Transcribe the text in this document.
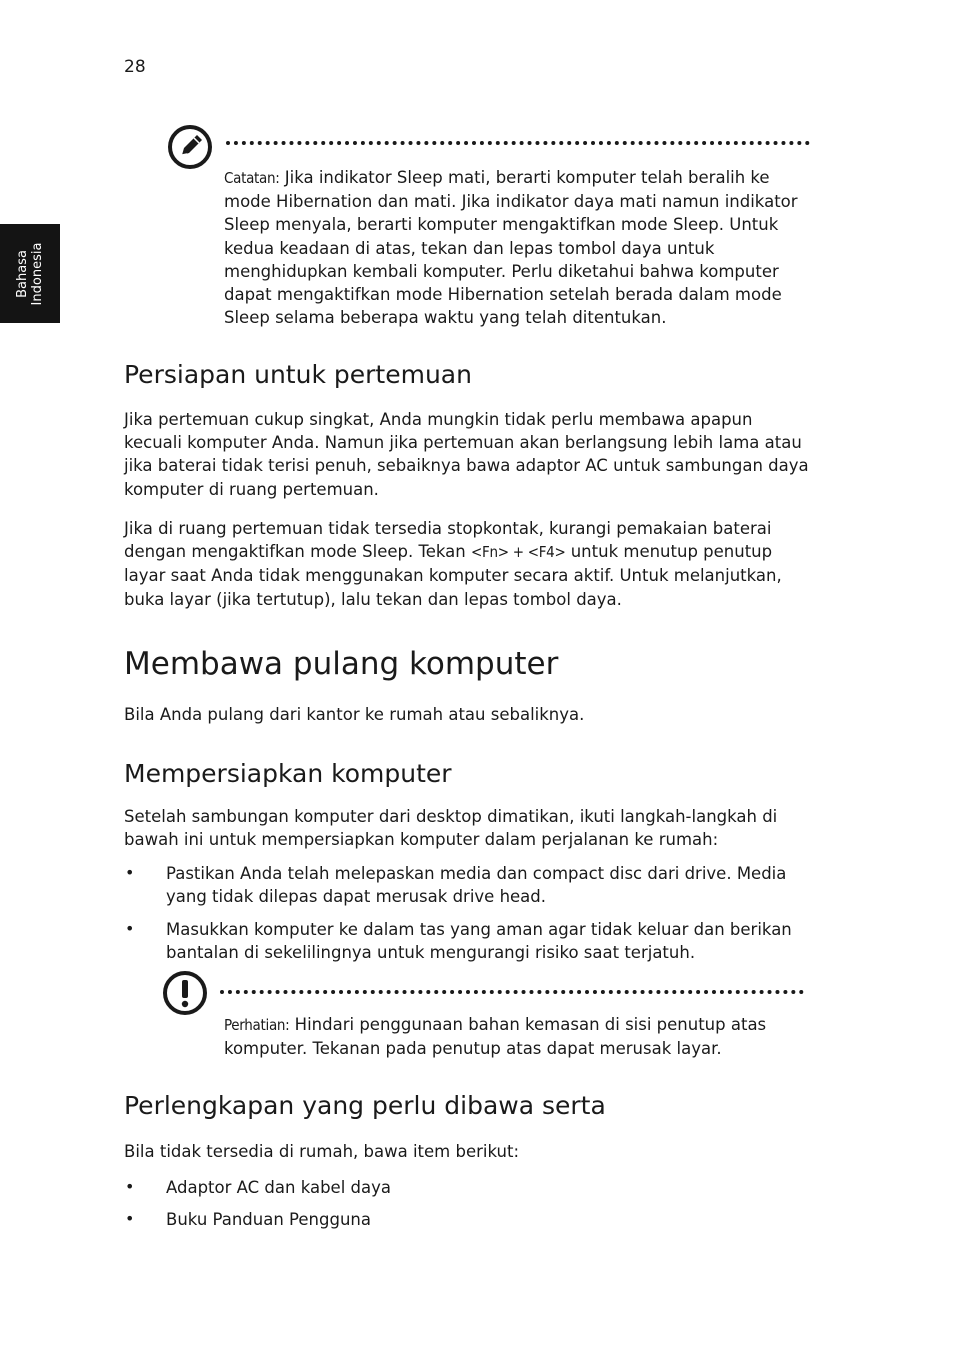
28
Bahasa Indonesia

Catatan: Jika indikator Sleep mati, berarti komputer telah beralih ke mode Hibernation dan mati. Jika indikator daya mati namun indikator Sleep menyala, berarti komputer mengaktifkan mode Sleep. Untuk kedua keadaan di atas, tekan dan lepas tombol daya untuk menghidupkan kembali komputer. Perlu diketahui bahwa komputer dapat mengaktifkan mode Hibernation setelah berada dalam mode Sleep selama beberapa waktu yang telah ditentukan.

Persiapan untuk pertemuan

Jika pertemuan cukup singkat, Anda mungkin tidak perlu membawa apapun kecuali komputer Anda. Namun jika pertemuan akan berlangsung lebih lama atau jika baterai tidak terisi penuh, sebaiknya bawa adaptor AC untuk sambungan daya komputer di ruang pertemuan.

Jika di ruang pertemuan tidak tersedia stopkontak, kurangi pemakaian baterai dengan mengaktifkan mode Sleep. Tekan <Fn> + <F4> untuk menutup penutup layar saat Anda tidak menggunakan komputer secara aktif. Untuk melanjutkan, buka layar (jika tertutup), lalu tekan dan lepas tombol daya.

Membawa pulang komputer

Bila Anda pulang dari kantor ke rumah atau sebaliknya.

Mempersiapkan komputer

Setelah sambungan komputer dari desktop dimatikan, ikuti langkah-langkah di bawah ini untuk mempersiapkan komputer dalam perjalanan ke rumah:

• Pastikan Anda telah melepaskan media dan compact disc dari drive. Media yang tidak dilepas dapat merusak drive head.

• Masukkan komputer ke dalam tas yang aman agar tidak keluar dan berikan bantalan di sekelilingnya untuk mengurangi risiko saat terjatuh.

Perhatian: Hindari penggunaan bahan kemasan di sisi penutup atas komputer. Tekanan pada penutup atas dapat merusak layar.

Perlengkapan yang perlu dibawa serta

Bila tidak tersedia di rumah, bawa item berikut:

• Adaptor AC dan kabel daya

• Buku Panduan Pengguna
